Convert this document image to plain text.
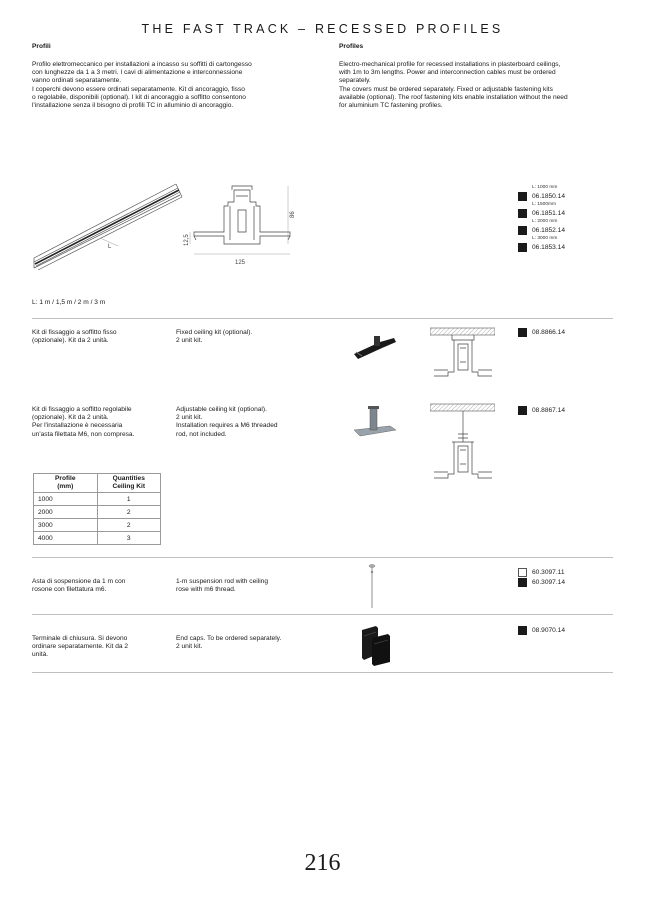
THE FAST TRACK – RECESSED PROFILES
Profili
Profilo elettromeccanico per installazioni a incasso su soffitti di cartongesso
con lunghezze da 1 a 3 metri. I cavi di alimentazione e interconnessione
vanno ordinati separatamente.
I coperchi devono essere ordinati separatamente. Kit di ancoraggio, fisso
o regolabile, disponibili (optional). I kit di ancoraggio a soffitto consentono
l'installazione senza il bisogno di profili TC in alluminio di ancoraggio.
Profiles
Electro-mechanical profile for recessed installations in plasterboard ceilings,
with 1m to 3m lengths. Power and interconnection cables must be ordered
separately.
The covers must be ordered separately. Fixed or adjustable fastening kits
available (optional). The roof fastening kits enable installation without the need
for aluminium TC fastening profiles.
L
86
12,5
125
L: 1000 mm
06.1850.14
L: 1500mm
06.1851.14
L: 2000 mm
06.1852.14
L: 3000 mm
06.1853.14
L: 1 m / 1,5 m / 2 m / 3 m
Kit di fissaggio a soffitto fisso
(opzionale). Kit da 2 unità.
Fixed ceiling kit (optional).
2 unit kit.
08.8866.14
Kit di fissaggio a soffitto regolabile
(opzionale). Kit da 2 unità.
Per l'installazione è necessaria
un'asta filettata M6, non compresa.
Adjustable ceiling kit (optional).
2 unit kit.
Installation requires a M6 threaded
rod, not included.
08.8867.14
Profile
(mm)	Quantities
Ceiling Kit
1000	1
2000	2
3000	2
4000	3
Asta di sospensione da 1 m con
rosone con filettatura m6.
1-m suspension rod with ceiling
rose with m6 thread.
60.3097.11
60.3097.14
Terminale di chiusura. Si devono
ordinare separatamente. Kit da 2
unità.
End caps. To be ordered separately.
2 unit kit.
08.9070.14
216
